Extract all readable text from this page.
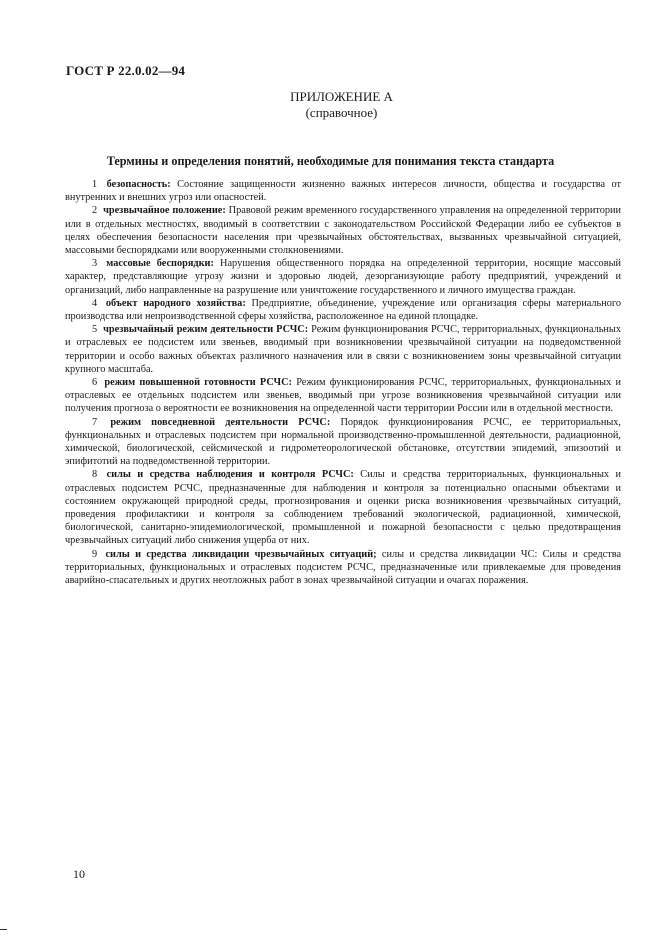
ГОСТ Р 22.0.02—94
ПРИЛОЖЕНИЕ А
(справочное)
Термины и определения понятий, необходимые для понимания текста стандарта

1 безопасность: Состояние защищенности жизненно важных интересов личности, общества и государства от внутренних и внешних угроз или опасностей.

2 чрезвычайное положение: Правовой режим временного государственного управления на определенной территории или в отдельных местностях, вводимый в соответствии с законодательством Российской Федерации либо ее субъектов в целях обеспечения безопасности населения при чрезвычайных обстоятельствах, вызванных чрезвычайной ситуацией, массовыми беспорядками или вооруженными столкновениями.

3 массовые беспорядки: Нарушения общественного порядка на определенной территории, носящие массовый характер, представляющие угрозу жизни и здоровью людей, дезорганизующие работу предприятий, учреждений и организаций, либо направленные на разрушение или уничтожение государственного и личного имущества граждан.

4 объект народного хозяйства: Предприятие, объединение, учреждение или организация сферы материального производства или непроизводственной сферы хозяйства, расположенное на единой площадке.

5 чрезвычайный режим деятельности РСЧС: Режим функционирования РСЧС, территориальных, функциональных и отраслевых ее подсистем или звеньев, вводимый при возникновении чрезвычайной ситуации на подведомственной территории и особо важных объектах различного назначения или в связи с возникновением зоны чрезвычайной ситуации крупного масштаба.

6 режим повышенной готовности РСЧС: Режим функционирования РСЧС, территориальных, функциональных и отраслевых ее отдельных подсистем или звеньев, вводимый при угрозе возникновения чрезвычайной ситуации или получения прогноза о вероятности ее возникновения на определенной части территории России или в отдельной местности.

7 режим повседневной деятельности РСЧС: Порядок функционирования РСЧС, ее территориальных, функциональных и отраслевых подсистем при нормальной производственно-промышленной деятельности, радиационной, химической, биологической, сейсмической и гидрометеорологической обстановке, отсутствии эпидемий, эпизоотий и эпифитотий на подведомственной территории.

8 силы и средства наблюдения и контроля РСЧС: Силы и средства территориальных, функциональных и отраслевых подсистем РСЧС, предназначенные для наблюдения и контроля за потенциально опасными объектами и состоянием окружающей природной среды, прогнозирования и оценки риска возникновения чрезвычайных ситуаций, проведения профилактики и контроля за соблюдением требований экологической, радиационной, химической, биологической, санитарно-эпидемиологической, промышленной и пожарной безопасности с целью предотвращения чрезвычайных ситуаций либо снижения ущерба от них.

9 силы и средства ликвидации чрезвычайных ситуаций; силы и средства ликвидации ЧС: Силы и средства территориальных, функциональных и отраслевых подсистем РСЧС, предназначенные или привлекаемые для проведения аварийно-спасательных и других неотложных работ в зонах чрезвычайной ситуации и очагах поражения.

10
